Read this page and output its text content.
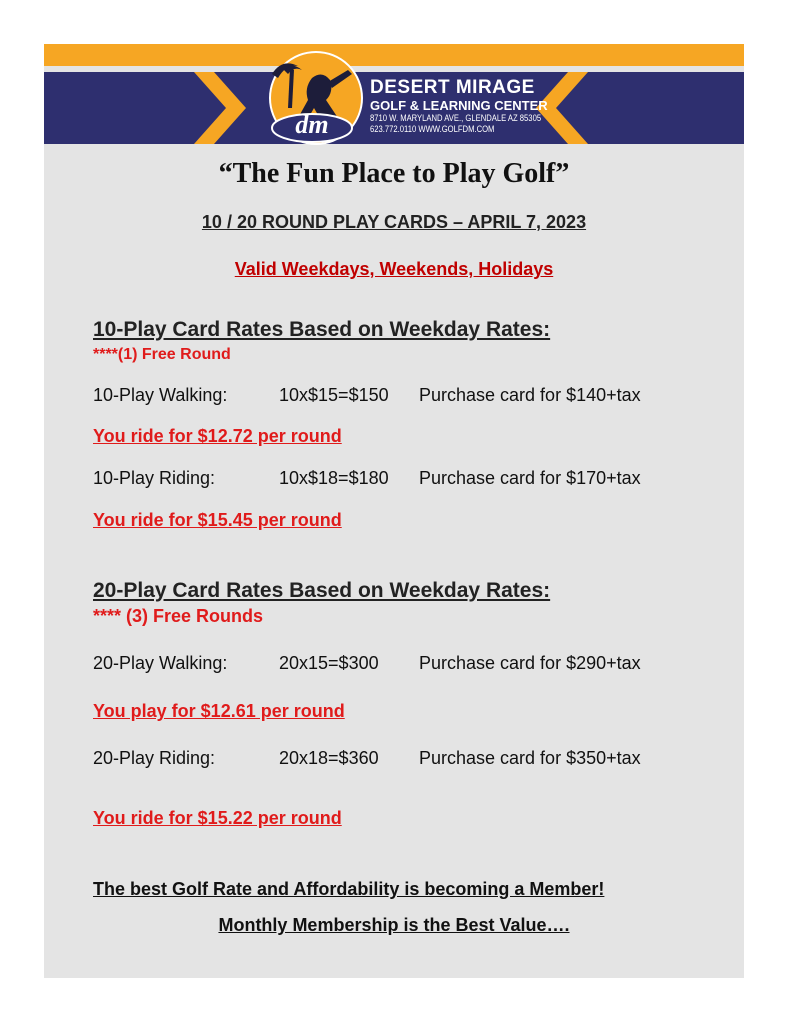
dm
DESERT MIRAGE
GOLF & LEARNING CENTER
8710 W. MARYLAND AVE., GLENDALE AZ 85305
623.772.0110 WWW.GOLFDM.COM
“The Fun Place to Play Golf”
10 / 20 ROUND PLAY CARDS – APRIL 7, 2023
Valid Weekdays, Weekends, Holidays
10-Play Card Rates Based on Weekday Rates:
****(1) Free Round
10-Play Walking:	10x$15=$150 Purchase card for $140+tax
You ride for $12.72 per round
10-Play Riding:	10x$18=$180 Purchase card for $170+tax
You ride for $15.45 per round
20-Play Card Rates Based on Weekday Rates:
**** (3) Free Rounds
20-Play Walking:	20x15=$300 Purchase card for $290+tax
You play for $12.61 per round
20-Play Riding:	20x18=$360 Purchase card for $350+tax
You ride for $15.22 per round
The best Golf Rate and Affordability is becoming a Member!
Monthly Membership is the Best Value….
